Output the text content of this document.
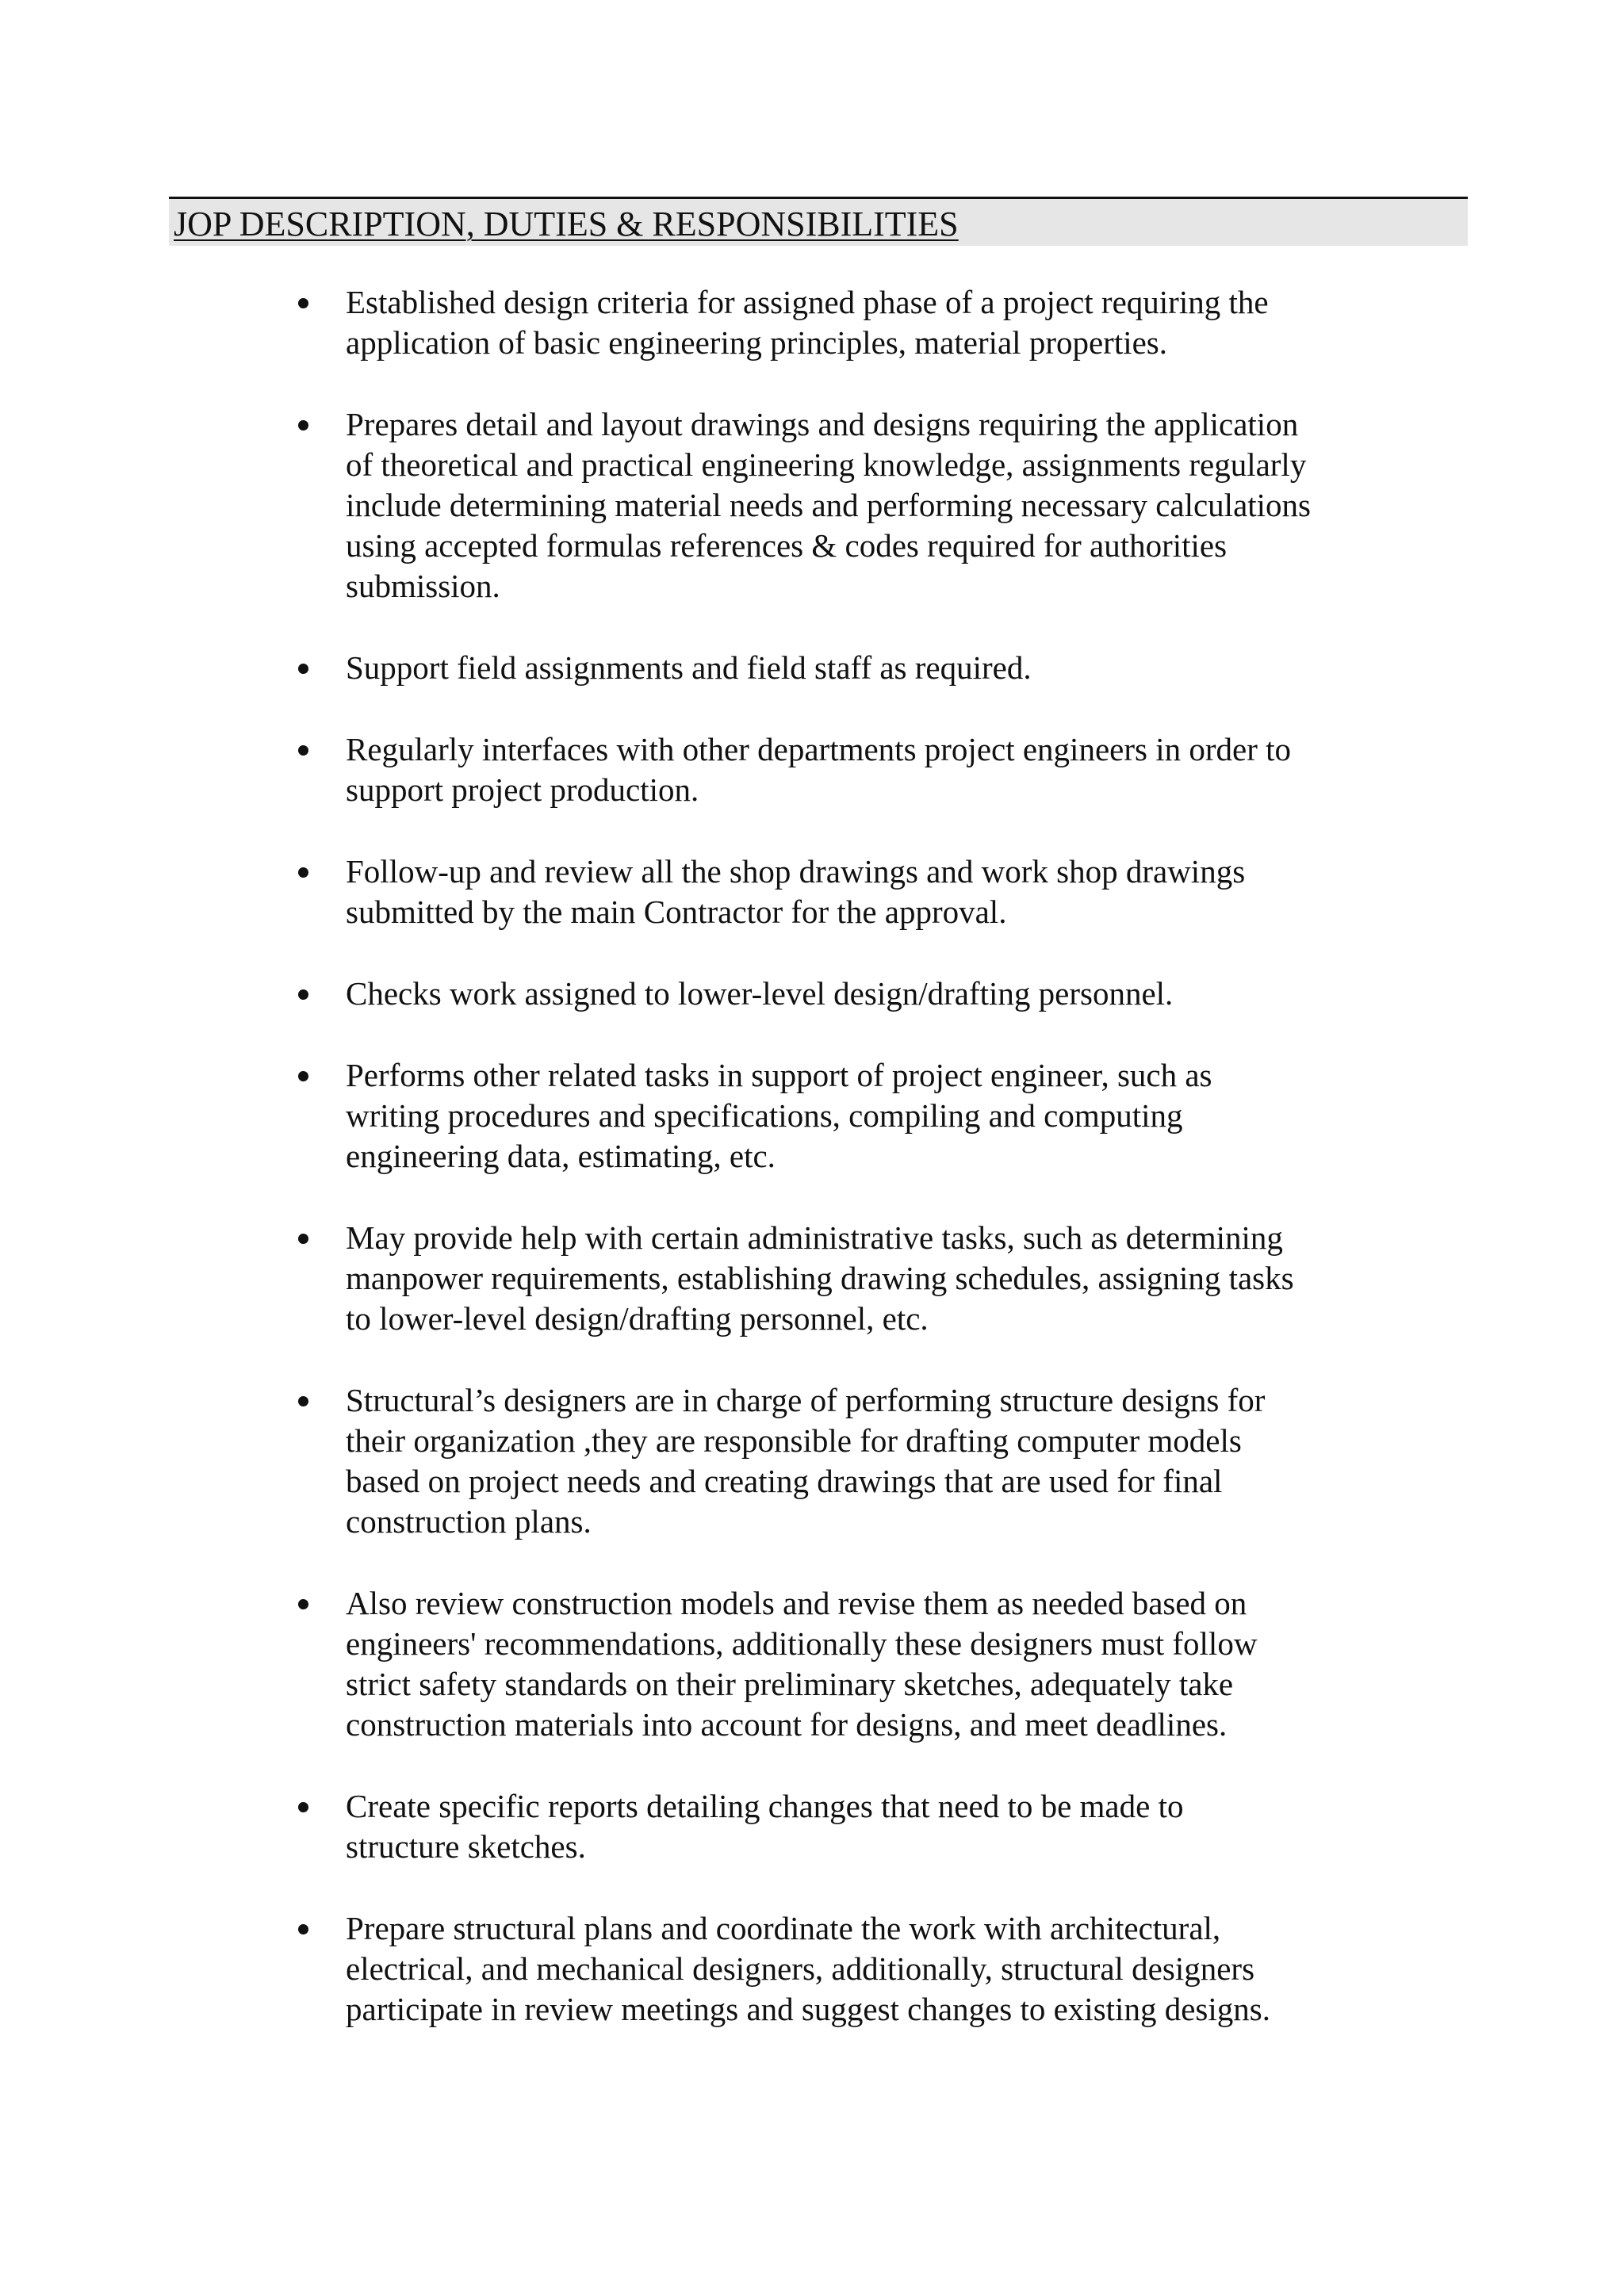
JOP DESCRIPTION, DUTIES & RESPONSIBILITIES
Established design criteria for assigned phase of a project requiring the
application of basic engineering principles, material properties.
Prepares detail and layout drawings and designs requiring the application
of theoretical and practical engineering knowledge, assignments regularly
include determining material needs and performing necessary calculations
using accepted formulas references & codes required for authorities
submission.
Support field assignments and field staff as required.
Regularly interfaces with other departments project engineers in order to
support project production.
Follow-up and review all the shop drawings and work shop drawings
submitted by the main Contractor for the approval.
Checks work assigned to lower-level design/drafting personnel.
Performs other related tasks in support of project engineer, such as
writing procedures and specifications, compiling and computing
engineering data, estimating, etc.
May provide help with certain administrative tasks, such as determining
manpower requirements, establishing drawing schedules, assigning tasks
to lower-level design/drafting personnel, etc.
Structural’s designers are in charge of performing structure designs for
their organization ,they are responsible for drafting computer models
based on project needs and creating drawings that are used for final
construction plans.
Also review construction models and revise them as needed based on
engineers' recommendations, additionally these designers must follow
strict safety standards on their preliminary sketches, adequately take
construction materials into account for designs, and meet deadlines.
Create specific reports detailing changes that need to be made to
structure sketches.
Prepare structural plans and coordinate the work with architectural,
electrical, and mechanical designers, additionally, structural designers
participate in review meetings and suggest changes to existing designs.
